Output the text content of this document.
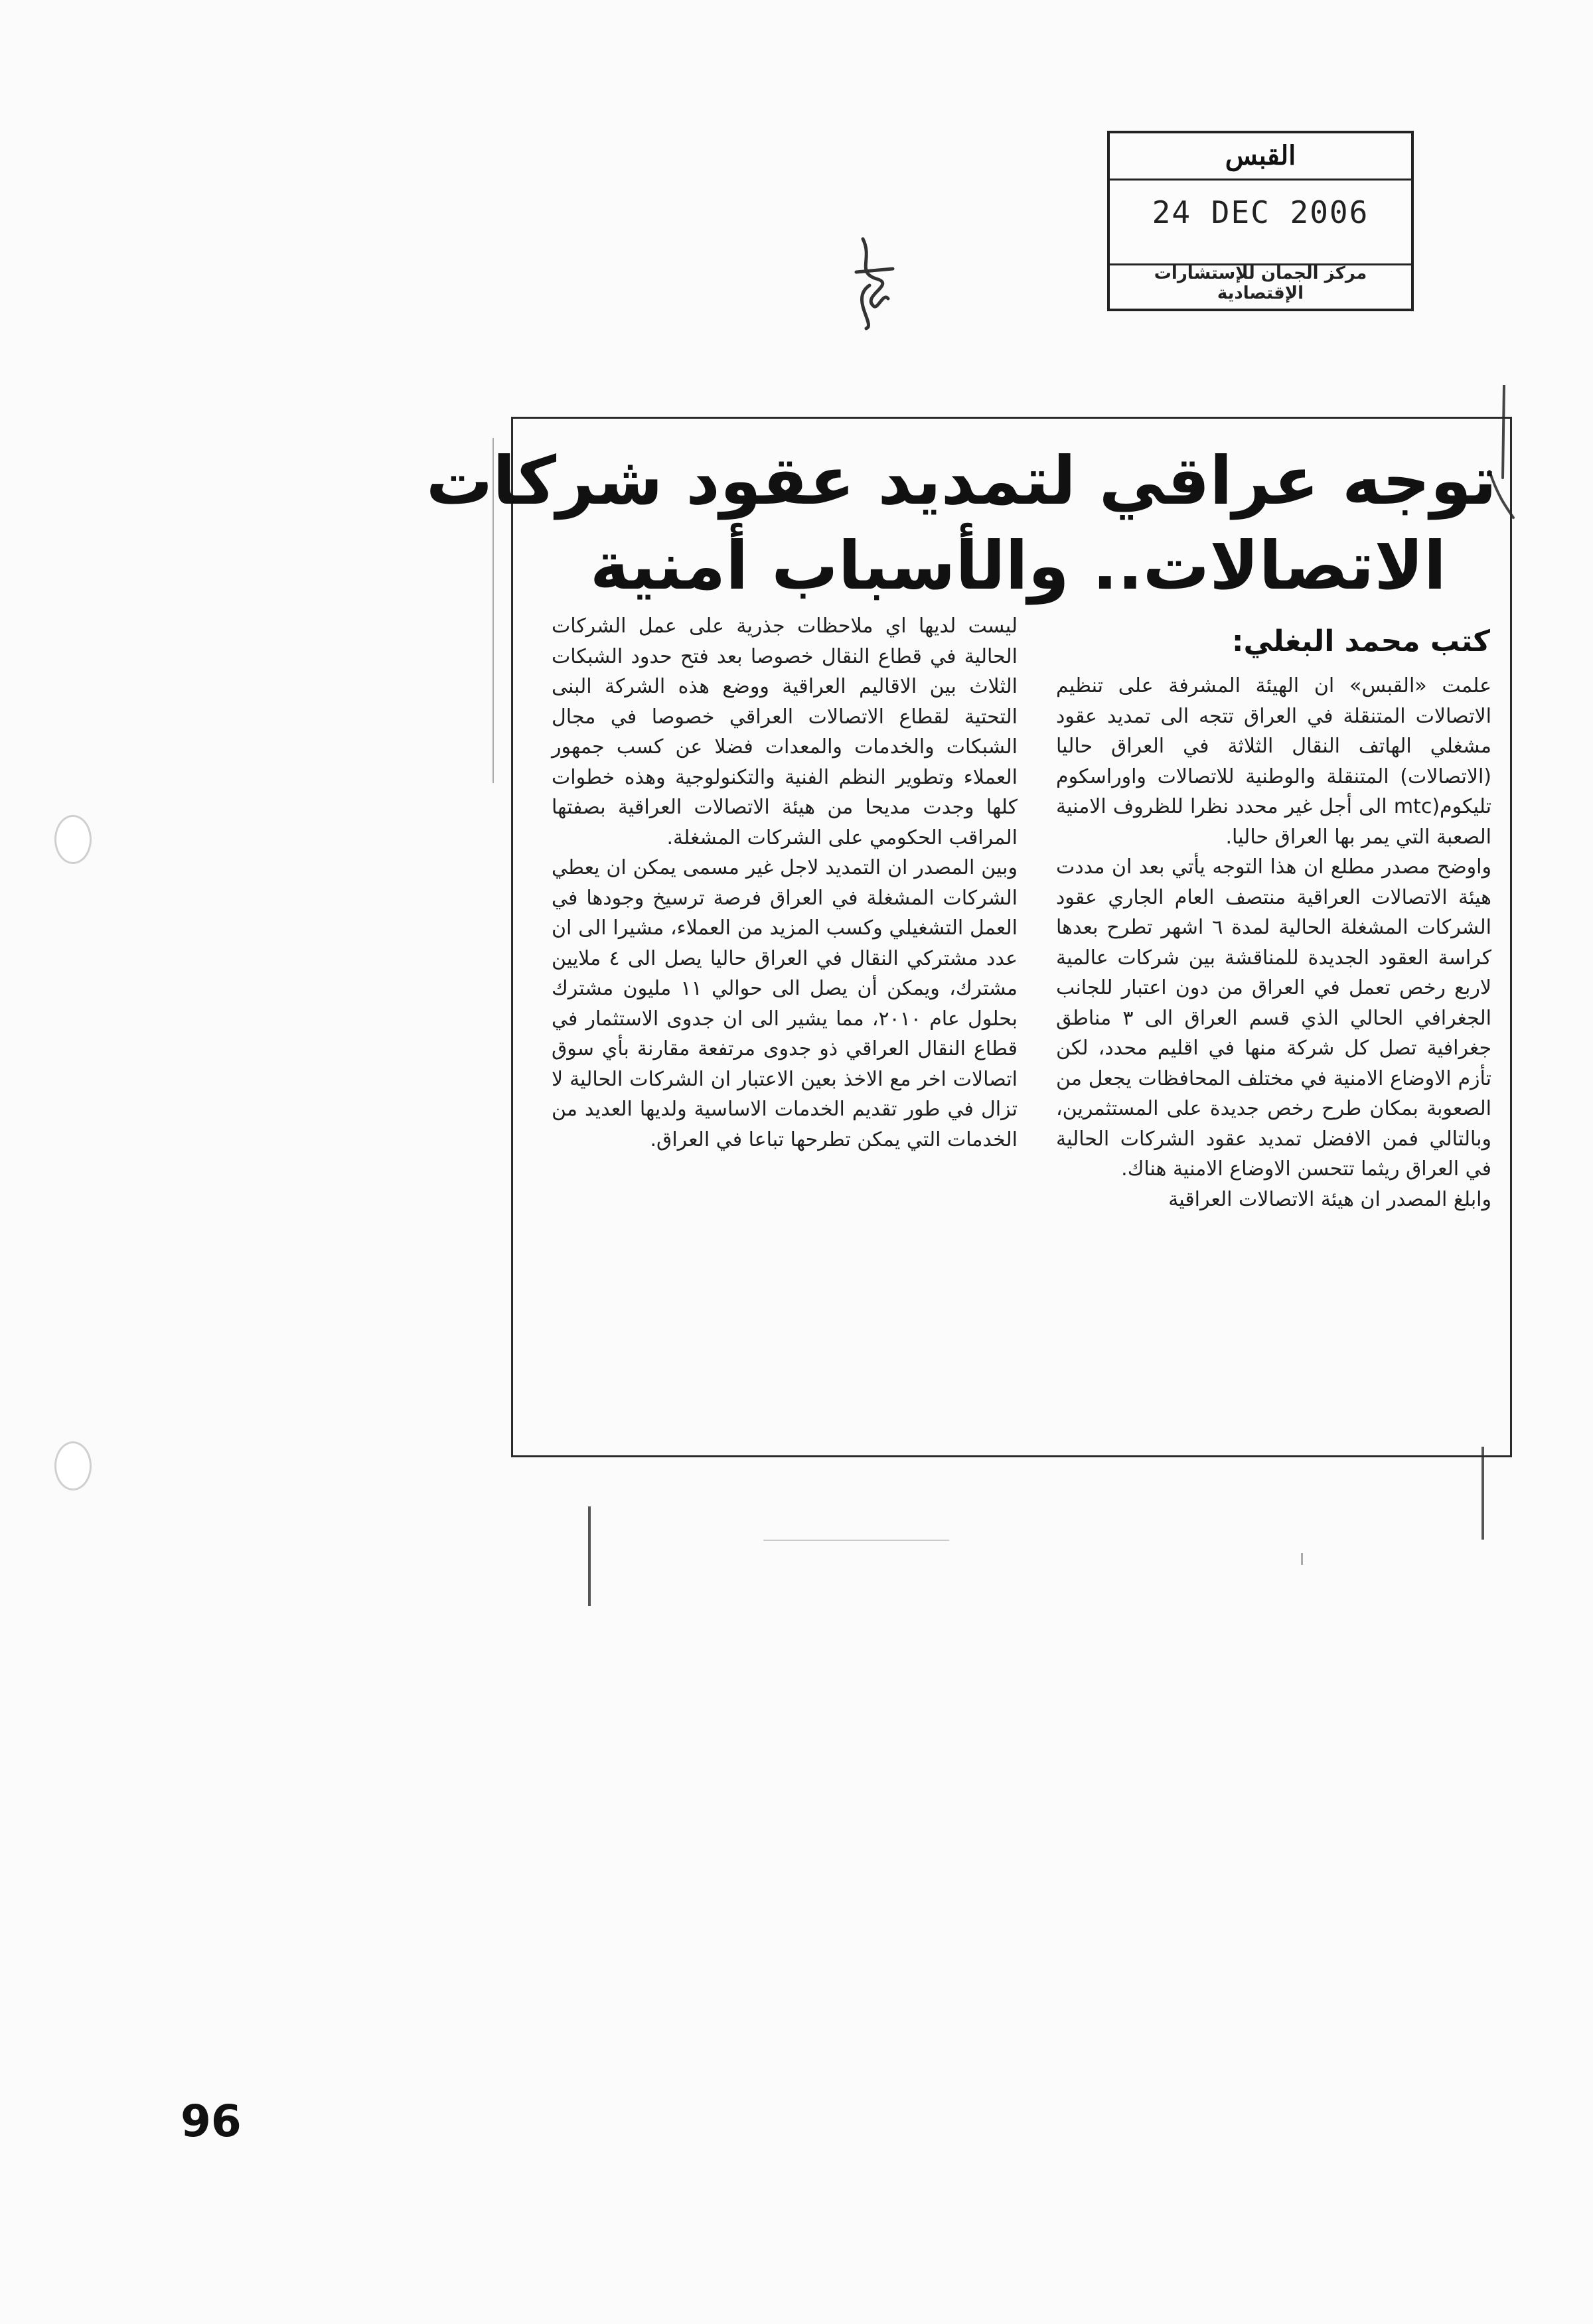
القبس
24 DEC 2006
مركز الجمان للإستشارات الإقتصادية
توجه عراقي لتمديد عقود شركات
الاتصالات.. والأسباب أمنية
كتب محمد البغلي:

علمت «القبس» ان الهيئة المشرفة على تنظيم الاتصالات المتنقلة في العراق تتجه الى تمديد عقود مشغلي الهاتف النقال الثلاثة في العراق حاليا (الاتصالات) المتنقلة والوطنية للاتصالات واوراسكوم تليكوم(mtc الى أجل غير محدد نظرا للظروف الامنية الصعبة التي يمر بها العراق حاليا.

واوضح مصدر مطلع ان هذا التوجه يأتي بعد ان مددت هيئة الاتصالات العراقية منتصف العام الجاري عقود الشركات المشغلة الحالية لمدة ٦ اشهر تطرح بعدها كراسة العقود الجديدة للمناقشة بين شركات عالمية لاربع رخص تعمل في العراق من دون اعتبار للجانب الجغرافي الحالي الذي قسم العراق الى ٣ مناطق جغرافية تصل كل شركة منها في اقليم محدد، لكن تأزم الاوضاع الامنية في مختلف المحافظات يجعل من الصعوبة بمكان طرح رخص جديدة على المستثمرين، وبالتالي فمن الافضل تمديد عقود الشركات الحالية في العراق ريثما تتحسن الاوضاع الامنية هناك.

وابلغ المصدر ان هيئة الاتصالات العراقية

ليست لديها اي ملاحظات جذرية على عمل الشركات الحالية في قطاع النقال خصوصا بعد فتح حدود الشبكات الثلاث بين الاقاليم العراقية ووضع هذه الشركة البنى التحتية لقطاع الاتصالات العراقي خصوصا في مجال الشبكات والخدمات والمعدات فضلا عن كسب جمهور العملاء وتطوير النظم الفنية والتكنولوجية وهذه خطوات كلها وجدت مديحا من هيئة الاتصالات العراقية بصفتها المراقب الحكومي على الشركات المشغلة.

وبين المصدر ان التمديد لاجل غير مسمى يمكن ان يعطي الشركات المشغلة في العراق فرصة ترسيخ وجودها في العمل التشغيلي وكسب المزيد من العملاء، مشيرا الى ان عدد مشتركي النقال في العراق حاليا يصل الى ٤ ملايين مشترك، ويمكن أن يصل الى حوالي ١١ مليون مشترك بحلول عام ٢٠١٠، مما يشير الى ان جدوى الاستثمار في قطاع النقال العراقي ذو جدوى مرتفعة مقارنة بأي سوق اتصالات اخر مع الاخذ بعين الاعتبار ان الشركات الحالية لا تزال في طور تقديم الخدمات الاساسية ولديها العديد من الخدمات التي يمكن تطرحها تباعا في العراق.

96
